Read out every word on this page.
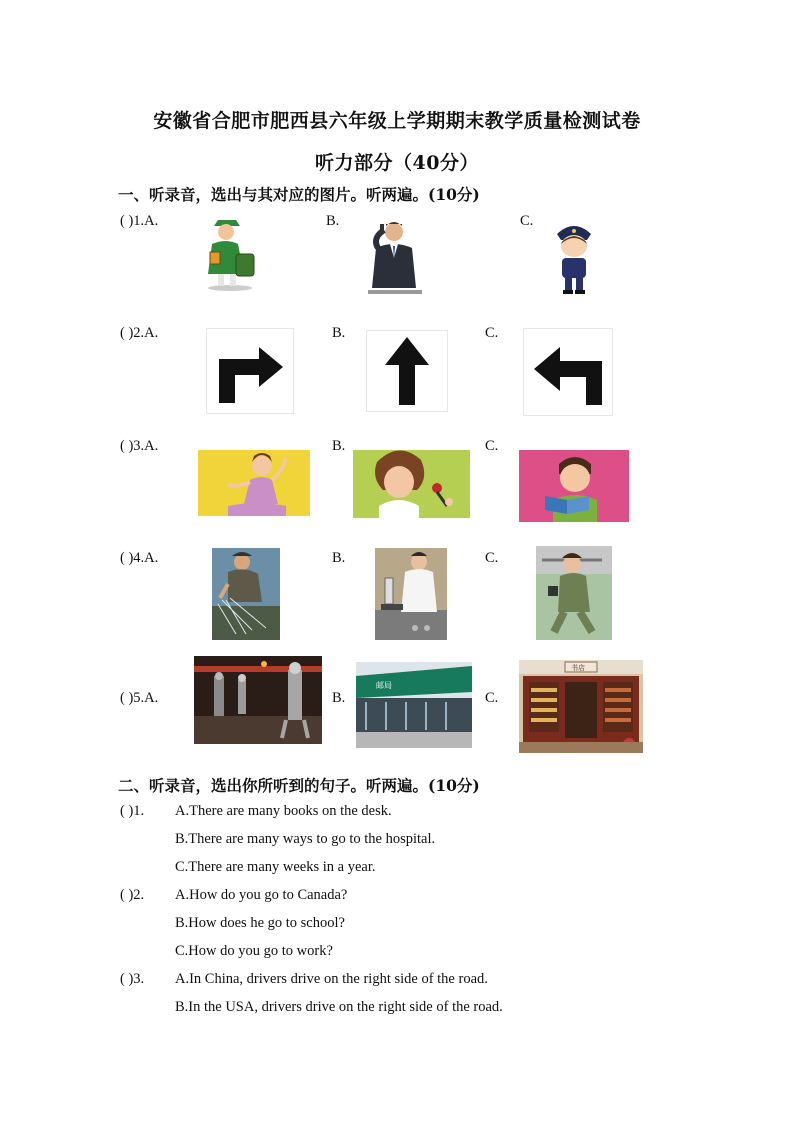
安徽省合肥市肥西县六年级上学期期末教学质量检测试卷
听力部分（40分）
一、听录音，选出与其对应的图片。听两遍。(10分)
( )1.A.	B.	C.
( )2.A.	B.	C.
( )3.A.	B.	C.
( )4.A.	B.	C.
( )5.A.	B.	C.
邮局
书店
二、听录音，选出你所听到的句子。听两遍。(10分)
( )1. A.There are many books on the desk.
B.There are many ways to go to the hospital.
C.There are many weeks in a year.
( )2. A.How do you go to Canada?
B.How does he go to school?
C.How do you go to work?
( )3. A.In China, drivers drive on the right side of the road.
B.In the USA, drivers drive on the right side of the road.
